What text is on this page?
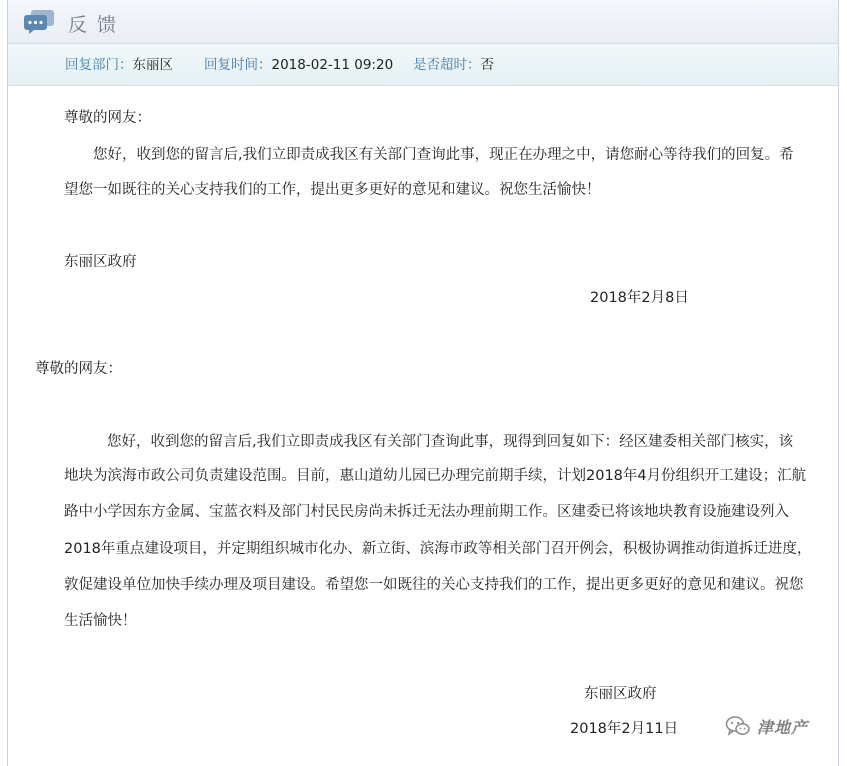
反 馈
回复部门：东丽区 回复时间：2018-02-11 09:20 是否超时：否
尊敬的网友：
您好，收到您的留言后,我们立即责成我区有关部门查询此事，现正在办理之中，请您耐心等待我们的回复。希
望您一如既往的关心支持我们的工作，提出更多更好的意见和建议。祝您生活愉快！
东丽区政府
2018年2月8日
尊敬的网友：
您好，收到您的留言后,我们立即责成我区有关部门查询此事，现得到回复如下：经区建委相关部门核实，该
地块为滨海市政公司负责建设范围。目前，惠山道幼儿园已办理完前期手续，计划2018年4月份组织开工建设；汇航
路中小学因东方金属、宝蓝衣料及部门村民民房尚未拆迁无法办理前期工作。区建委已将该地块教育设施建设列入
2018年重点建设项目，并定期组织城市化办、新立街、滨海市政等相关部门召开例会，积极协调推动街道拆迁进度，
敦促建设单位加快手续办理及项目建设。希望您一如既往的关心支持我们的工作，提出更多更好的意见和建议。祝您
生活愉快！
东丽区政府
2018年2月11日	津地产
